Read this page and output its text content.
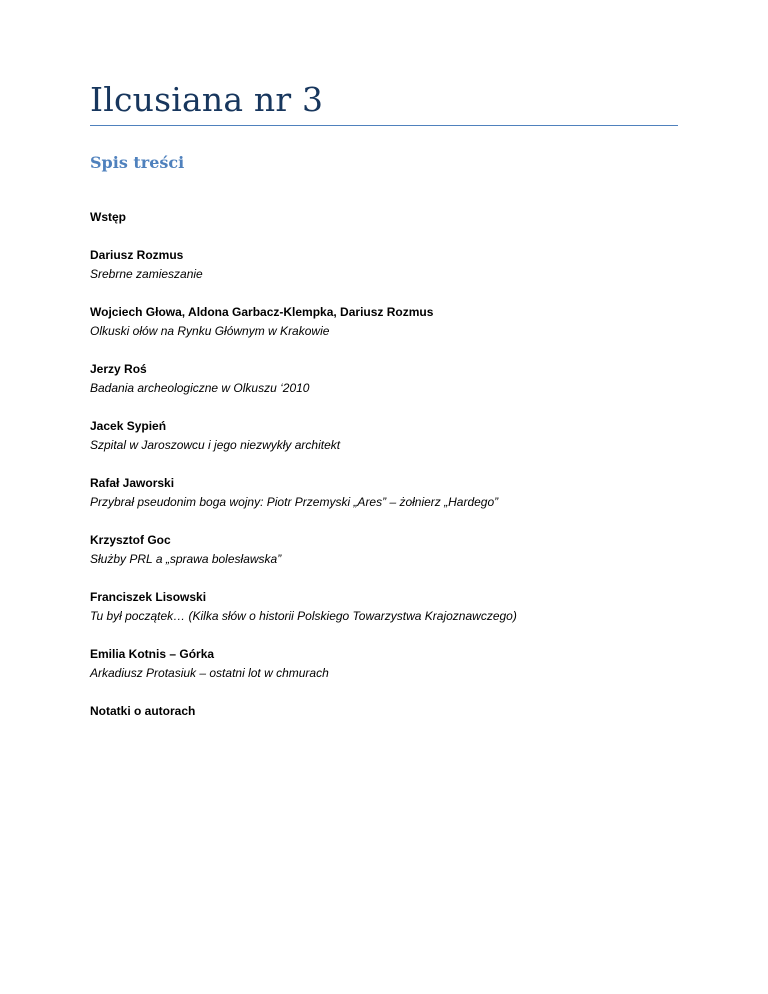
Ilcusiana nr 3
Spis treści
Wstęp
Dariusz Rozmus
Srebrne zamieszanie
Wojciech Głowa, Aldona Garbacz-Klempka, Dariusz Rozmus
Olkuski ołów na Rynku Głównym w Krakowie
Jerzy Roś
Badania archeologiczne w Olkuszu ‘2010
Jacek Sypień
Szpital w Jaroszowcu i jego niezwykły architekt
Rafał Jaworski
Przybrał pseudonim boga wojny: Piotr Przemyski „Ares” – żołnierz „Hardego”
Krzysztof Goc
Służby PRL a „sprawa bolesławska”
Franciszek Lisowski
Tu był początek… (Kilka słów o historii Polskiego Towarzystwa Krajoznawczego)
Emilia Kotnis – Górka
Arkadiusz Protasiuk – ostatni lot w chmurach
Notatki o autorach
